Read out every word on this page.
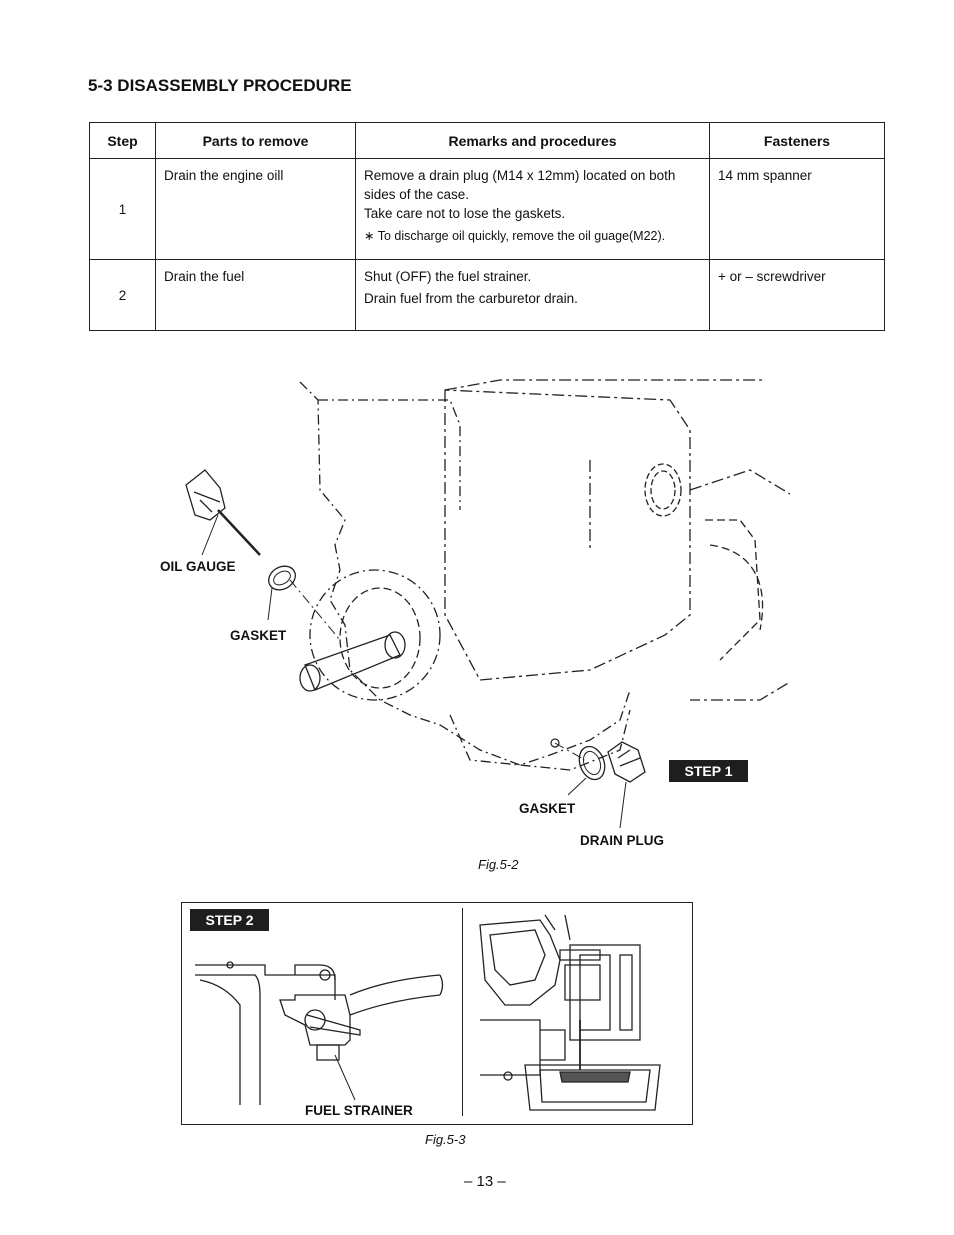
5-3 DISASSEMBLY PROCEDURE
Step	Parts to remove	Remarks and procedures	Fasteners
1	Drain the engine oill	Remove a drain plug (M14 x 12mm) located on both sides of the case.
Take care not to lose the gaskets.
∗ To discharge oil quickly, remove the oil guage(M22).	14 mm spanner
2	Drain the fuel	Shut (OFF) the fuel strainer.
Drain fuel from the carburetor drain.	+ or – screwdriver
OIL GAUGE
GASKET
STEP 1
GASKET
DRAIN PLUG
Fig.5-2
STEP 2
FUEL STRAINER
Fig.5-3
– 13 –
